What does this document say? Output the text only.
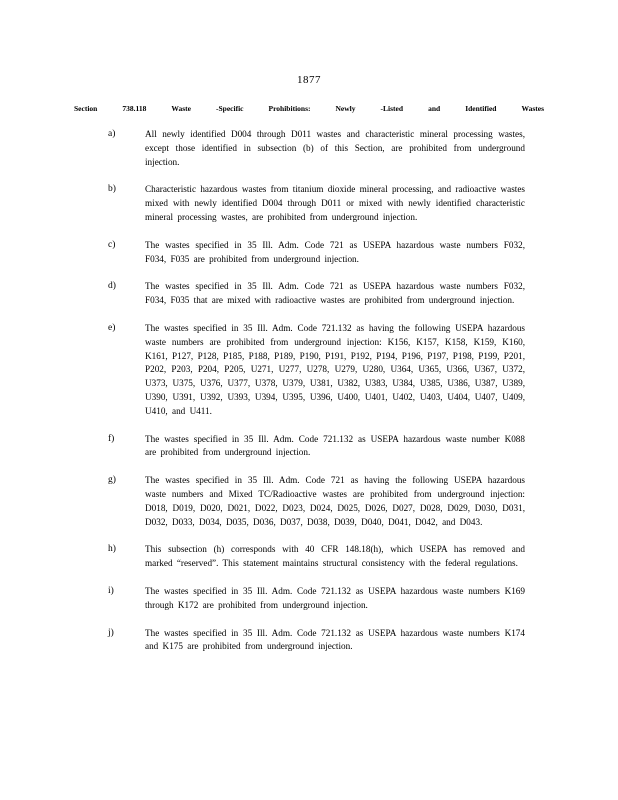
1877
Section	738.118	Waste	-Specific	Prohibitions:	Newly	-Listed	and	Identified	Wastes
a)	All newly identified D004 through D011 wastes and characteristic mineral processing wastes, except those identified in subsection (b) of this Section, are prohibited from underground injection.
b)	Characteristic hazardous wastes from titanium dioxide mineral processing, and radioactive wastes mixed with newly identified D004 through D011 or mixed with newly identified characteristic mineral processing wastes, are prohibited from underground injection.
c)	The wastes specified in 35 Ill. Adm. Code 721 as USEPA hazardous waste numbers F032, F034, F035 are prohibited from underground injection.
d)	The wastes specified in 35 Ill. Adm. Code 721 as USEPA hazardous waste numbers F032, F034, F035 that are mixed with radioactive wastes are prohibited from underground injection.
e)	The wastes specified in 35 Ill. Adm. Code 721.132 as having the following USEPA hazardous waste numbers are prohibited from underground injection: K156, K157, K158, K159, K160, K161, P127, P128, P185, P188, P189, P190, P191, P192, P194, P196, P197, P198, P199, P201, P202, P203, P204, P205, U271, U277, U278, U279, U280, U364, U365, U366, U367, U372, U373, U375, U376, U377, U378, U379, U381, U382, U383, U384, U385, U386, U387, U389, U390, U391, U392, U393, U394, U395, U396, U400, U401, U402, U403, U404, U407, U409, U410, and U411.
f)	The wastes specified in 35 Ill. Adm. Code 721.132 as USEPA hazardous waste number K088 are prohibited from underground injection.
g)	The wastes specified in 35 Ill. Adm. Code 721 as having the following USEPA hazardous waste numbers and Mixed TC/Radioactive wastes are prohibited from underground injection: D018, D019, D020, D021, D022, D023, D024, D025, D026, D027, D028, D029, D030, D031, D032, D033, D034, D035, D036, D037, D038, D039, D040, D041, D042, and D043.
h)	This subsection (h) corresponds with 40 CFR 148.18(h), which USEPA has removed and marked “reserved”. This statement maintains structural consistency with the federal regulations.
i)	The wastes specified in 35 Ill. Adm. Code 721.132 as USEPA hazardous waste numbers K169 through K172 are prohibited from underground injection.
j)	The wastes specified in 35 Ill. Adm. Code 721.132 as USEPA hazardous waste numbers K174 and K175 are prohibited from underground injection.
